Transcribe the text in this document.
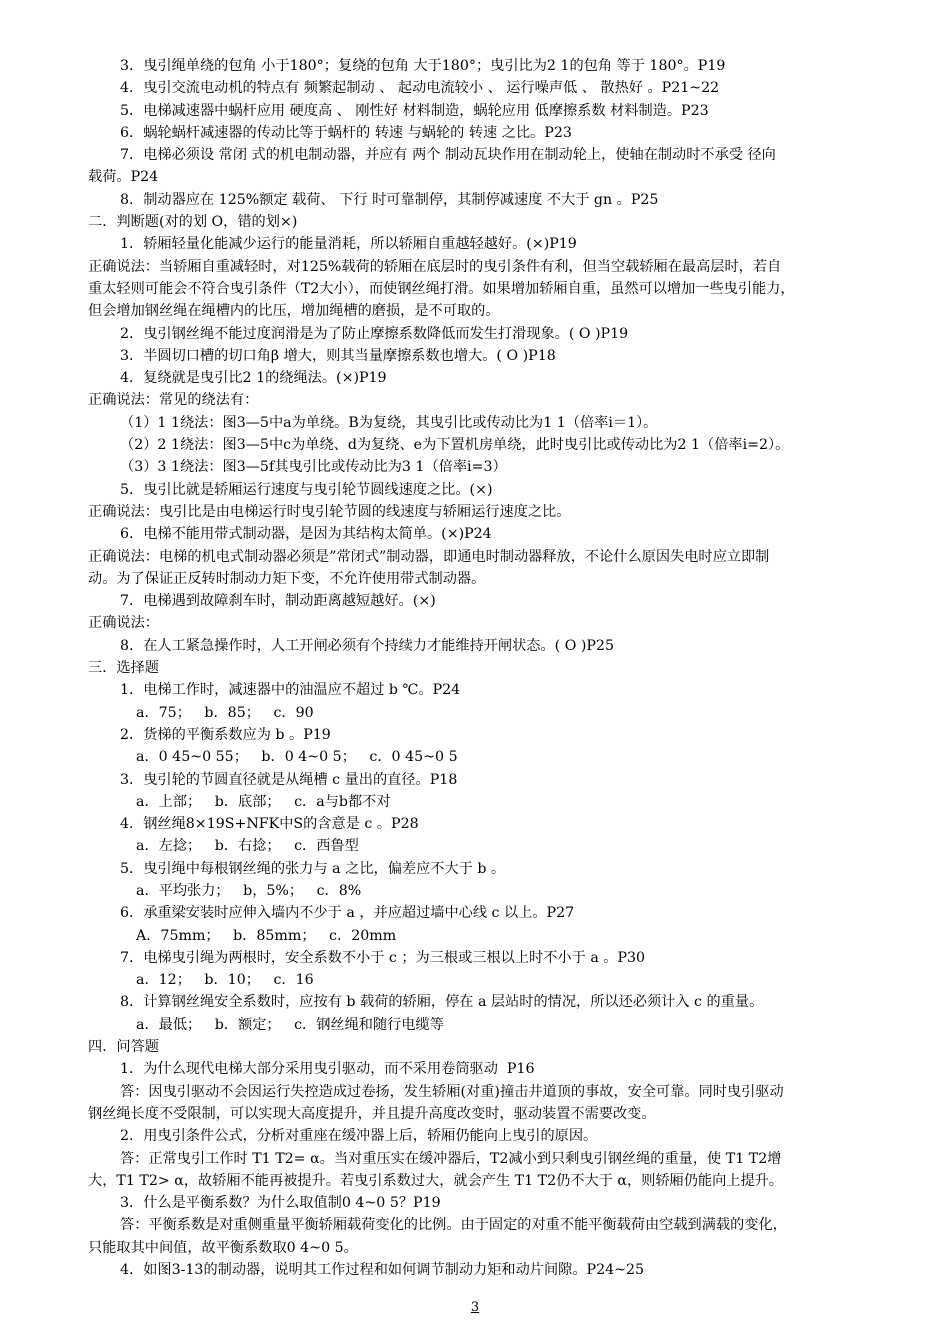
3．曳引绳单绕的包角 小于180°；复绕的包角 大于180°；曳引比为2 1的包角 等于 180°。P19
4．曳引交流电动机的特点有 频繁起制动 、 起动电流较小 、 运行噪声低 、 散热好 。P21~22
5．电梯减速器中蜗杆应用 硬度高 、 刚性好 材料制造，蜗轮应用 低摩擦系数 材料制造。P23
6．蜗轮蜗杆减速器的传动比等于蜗杆的 转速 与蜗轮的 转速 之比。P23
7．电梯必须设 常闭 式的机电制动器，并应有 两个 制动瓦块作用在制动轮上，使轴在制动时不承受 径向
载荷。P24
8．制动器应在 125%额定 载荷、 下行 时可靠制停，其制停减速度 不大于 gn 。P25
二．判断题(对的划 O，错的划×)
1．轿厢轻量化能减少运行的能量消耗，所以轿厢自重越轻越好。(×)P19
正确说法：当轿厢自重减轻时，对125%载荷的轿厢在底层时的曳引条件有利，但当空载轿厢在最高层时，若自
重太轻则可能会不符合曳引条件（T2大小），而使钢丝绳打滑。如果增加轿厢自重，虽然可以增加一些曳引能力，
但会增加钢丝绳在绳槽内的比压，增加绳槽的磨损，是不可取的。
2．曳引钢丝绳不能过度润滑是为了防止摩擦系数降低而发生打滑现象。( O )P19
3．半圆切口槽的切口角β 增大，则其当量摩擦系数也增大。( O )P18
4．复绕就是曳引比2 1的绕绳法。(×)P19
正确说法：常见的绕法有：
（1）1 1绕法：图3—5中a为单绕。B为复绕，其曳引比或传动比为1 1（倍率i＝1）。
（2）2 1绕法：图3—5中c为单绕、d为复绕、e为下置机房单绕，此时曳引比或传动比为2 1（倍率i=2）。
（3）3 1绕法：图3—5f其曳引比或传动比为3 1（倍率i=3）
5．曳引比就是轿厢运行速度与曳引轮节圆线速度之比。(×)
正确说法：曳引比是由电梯运行时曳引轮节圆的线速度与轿厢运行速度之比。
6．电梯不能用带式制动器，是因为其结构太简单。(×)P24
正确说法：电梯的机电式制动器必须是”常闭式”制动器，即通电时制动器释放，不论什么原因失电时应立即制
动。为了保证正反转时制动力矩下变，不允许使用带式制动器。
7．电梯遇到故障刹车时，制动距离越短越好。(×)
正确说法：
8．在人工紧急操作时，人工开闸必须有个持续力才能维持开闸状态。( O )P25
三．选择题
1．电梯工作时，减速器中的油温应不超过 b ℃。P24
a．75；   b．85；   c．90
2．货梯的平衡系数应为 b 。P19
a．0 45~0 55；   b．0 4~0 5；   c．0 45~0 5
3．曳引轮的节圆直径就是从绳槽 c 量出的直径。P18
a．上部；   b．底部；   c．a与b都不对
4．钢丝绳8×19S+NFK中S的含意是 c 。P28
a．左捻；   b．右捻；   c．西鲁型
5．曳引绳中每根钢丝绳的张力与 a 之比，偏差应不大于 b 。
a．平均张力；   b，5%；   c．8%
6．承重梁安装时应伸入墙内不少于 a ，并应超过墙中心线 c 以上。P27
A．75mm；   b．85mm；   c．20mm
7．电梯曳引绳为两根时，安全系数不小于 c ；为三根或三根以上时不小于 a 。P30
a．12；   b．10；   c．16
8．计算钢丝绳安全系数时，应按有 b 载荷的轿厢，停在 a 层站时的情况，所以还必须计入 c 的重量。
a．最低；   b．额定；   c．钢丝绳和随行电缆等
四．问答题
1．为什么现代电梯大部分采用曳引驱动，而不采用卷筒驱动  P16
答：因曳引驱动不会因运行失控造成过卷扬，发生轿厢(对重)撞击井道顶的事故，安全可靠。同时曳引驱动
钢丝绳长度不受限制，可以实现大高度提升，并且提升高度改变时，驱动装置不需要改变。
2．用曳引条件公式，分析对重座在缓冲器上后，轿厢仍能向上曳引的原因。
答：正常曳引工作时 T1 T2= α。当对重压实在缓冲器后，T2减小到只剩曳引钢丝绳的重量，使 T1 T2增
大，T1 T2> α，故轿厢不能再被提升。若曳引系数过大，就会产生 T1 T2仍不大于 α，则轿厢仍能向上提升。
3．什么是平衡系数？为什么取值制0 4~0 5？P19
答：平衡系数是对重侧重量平衡轿厢载荷变化的比例。由于固定的对重不能平衡载荷由空载到满载的变化，
只能取其中间值，故平衡系数取0 4~0 5。
4．如图3-13的制动器，说明其工作过程和如何调节制动力矩和动片间隙。P24~25
3
